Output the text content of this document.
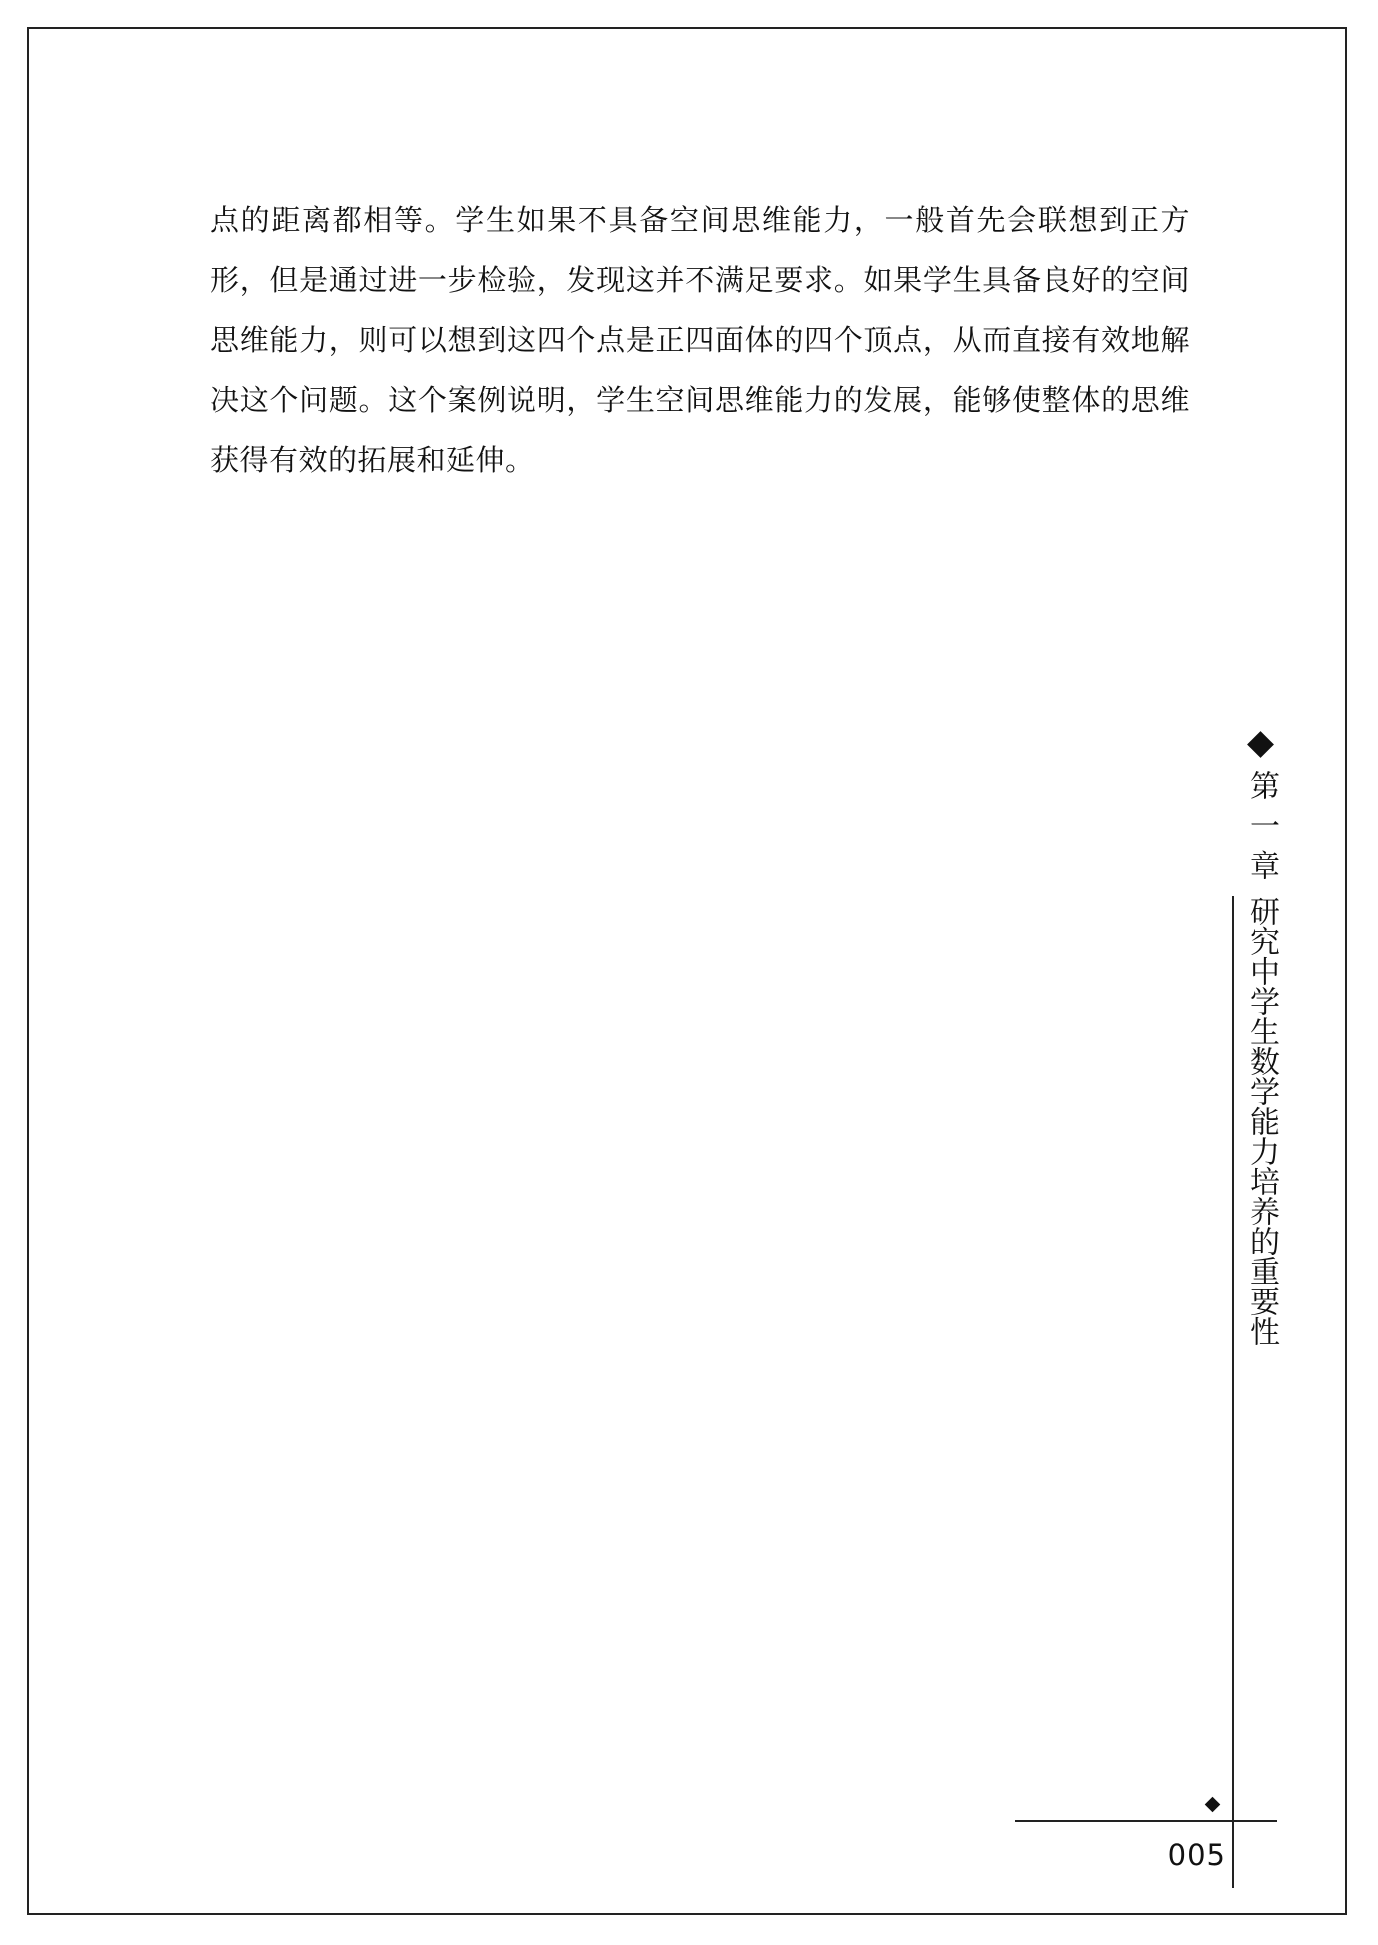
点的距离都相等。学生如果不具备空间思维能力，一般首先会联想到正方形，但是通过进一步检验，发现这并不满足要求。如果学生具备良好的空间思维能力，则可以想到这四个点是正四面体的四个顶点，从而直接有效地解决这个问题。这个案例说明，学生空间思维能力的发展，能够使整体的思维获得有效的拓展和延伸。

第一章
研究中学生数学能力培养的重要性
005
